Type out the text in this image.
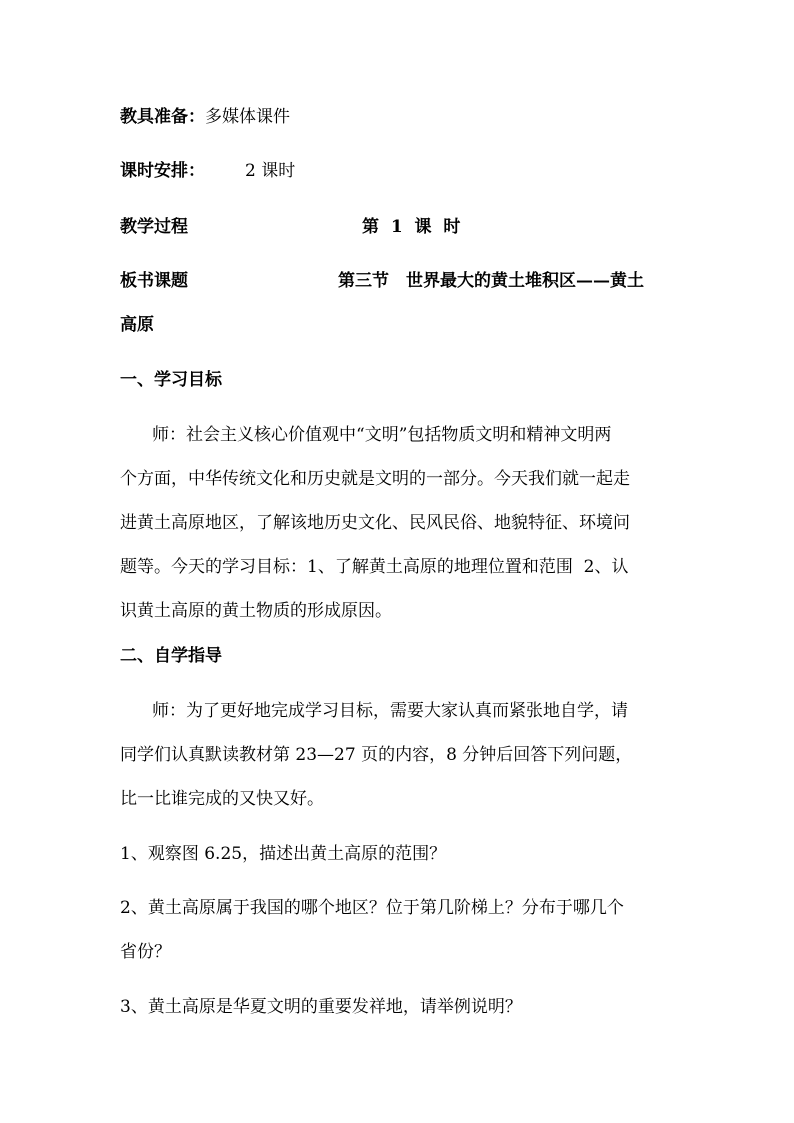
教具准备：多媒体课件
课时安排： 2 课时
教学过程	第  1  课  时
板书课题	第三节　世界最大的黄土堆积区——黄土
高原
一、学习目标
师：社会主义核心价值观中“文明”包括物质文明和精神文明两
个方面，中华传统文化和历史就是文明的一部分。今天我们就一起走
进黄土高原地区，了解该地历史文化、民风民俗、地貌特征、环境问
题等。今天的学习目标：1、了解黄土高原的地理位置和范围  2、认
识黄土高原的黄土物质的形成原因。
二、自学指导
师：为了更好地完成学习目标，需要大家认真而紧张地自学，请
同学们认真默读教材第 23—27 页的内容，8 分钟后回答下列问题，
比一比谁完成的又快又好。
1、观察图 6.25，描述出黄土高原的范围？
2、黄土高原属于我国的哪个地区？位于第几阶梯上？分布于哪几个
省份？
3、黄土高原是华夏文明的重要发祥地，请举例说明？
